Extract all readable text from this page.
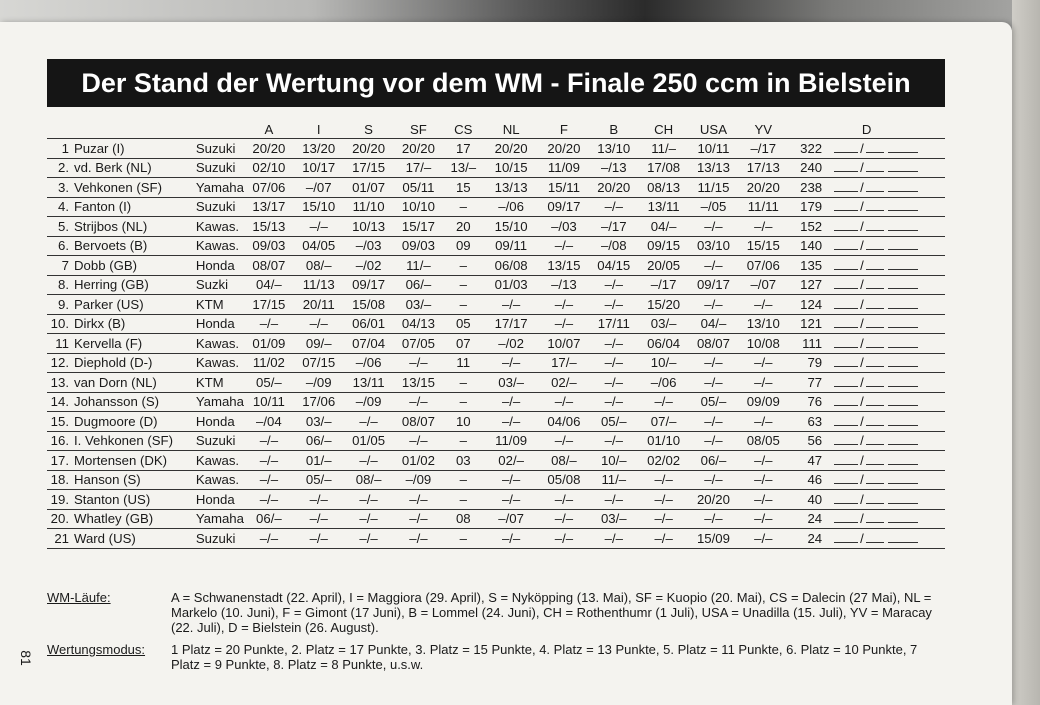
Der Stand der Wertung vor dem WM - Finale 250 ccm in Bielstein
		A	I	S	SF	CS	NL	F	B	CH	USA	YV	D	
1 Puzar (I)	Suzuki	20/20	13/20	20/20	20/20	17	20/20	20/20	13/10	11/–	10/11	–/17	322	/
2. vd. Berk (NL)	Suzuki	02/10	10/17	17/15	17/–	13/–	10/15	11/09	–/13	17/08	13/13	17/13	240	/
3. Vehkonen (SF)	Yamaha	07/06	–/07	01/07	05/11	15	13/13	15/11	20/20	08/13	11/15	20/20	238	/
4. Fanton (I)	Suzuki	13/17	15/10	11/10	10/10	–	–/06	09/17	–/–	13/11	–/05	11/11	179	/
5. Strijbos (NL)	Kawas.	15/13	–/–	10/13	15/17	20	15/10	–/03	–/17	04/–	–/–	–/–	152	/
6. Bervoets (B)	Kawas.	09/03	04/05	–/03	09/03	09	09/11	–/–	–/08	09/15	03/10	15/15	140	/
7 Dobb (GB)	Honda	08/07	08/–	–/02	11/–	–	06/08	13/15	04/15	20/05	–/–	07/06	135	/
8. Herring (GB)	Suzki	04/–	11/13	09/17	06/–	–	01/03	–/13	–/–	–/17	09/17	–/07	127	/
9. Parker (US)	KTM	17/15	20/11	15/08	03/–	–	–/–	–/–	–/–	15/20	–/–	–/–	124	/
10. Dirkx (B)	Honda	–/–	–/–	06/01	04/13	05	17/17	–/–	17/11	03/–	04/–	13/10	121	/
11 Kervella (F)	Kawas.	01/09	09/–	07/04	07/05	07	–/02	10/07	–/–	06/04	08/07	10/08	111	/
12. Diephold (D-)	Kawas.	11/02	07/15	–/06	–/–	11	–/–	17/–	–/–	10/–	–/–	–/–	79	/
13. van Dorn (NL)	KTM	05/–	–/09	13/11	13/15	–	03/–	02/–	–/–	–/06	–/–	–/–	77	/
14. Johansson (S)	Yamaha	10/11	17/06	–/09	–/–	–	–/–	–/–	–/–	–/–	05/–	09/09	76	/
15. Dugmoore (D)	Honda	–/04	03/–	–/–	08/07	10	–/–	04/06	05/–	07/–	–/–	–/–	63	/
16. I. Vehkonen (SF)	Suzuki	–/–	06/–	01/05	–/–	–	11/09	–/–	–/–	01/10	–/–	08/05	56	/
17. Mortensen (DK)	Kawas.	–/–	01/–	–/–	01/02	03	02/–	08/–	10/–	02/02	06/–	–/–	47	/
18. Hanson (S)	Kawas.	–/–	05/–	08/–	–/09	–	–/–	05/08	11/–	–/–	–/–	–/–	46	/
19. Stanton (US)	Honda	–/–	–/–	–/–	–/–	–	–/–	–/–	–/–	–/–	20/20	–/–	40	/
20. Whatley (GB)	Yamaha	06/–	–/–	–/–	–/–	08	–/07	–/–	03/–	–/–	–/–	–/–	24	/
21 Ward (US)	Suzuki	–/–	–/–	–/–	–/–	–	–/–	–/–	–/–	–/–	15/09	–/–	24	/
WM-Läufe:	A = Schwanenstadt (22. April), I = Maggiora (29. April), S = Nyköpping (13. Mai), SF = Kuopio (20. Mai), CS = Dalecin (27 Mai), NL = Markelo (10. Juni), F = Gimont (17 Juni), B = Lommel (24. Juni), CH = Rothenthumr (1 Juli), USA = Unadilla (15. Juli), YV = Maracay (22. Juli), D = Bielstein (26. August).
Wertungsmodus:	1 Platz = 20 Punkte, 2. Platz = 17 Punkte, 3. Platz = 15 Punkte, 4. Platz = 13 Punkte, 5. Platz = 11 Punkte, 6. Platz = 10 Punkte, 7 Platz = 9 Punkte, 8. Platz = 8 Punkte, u.s.w.
81
